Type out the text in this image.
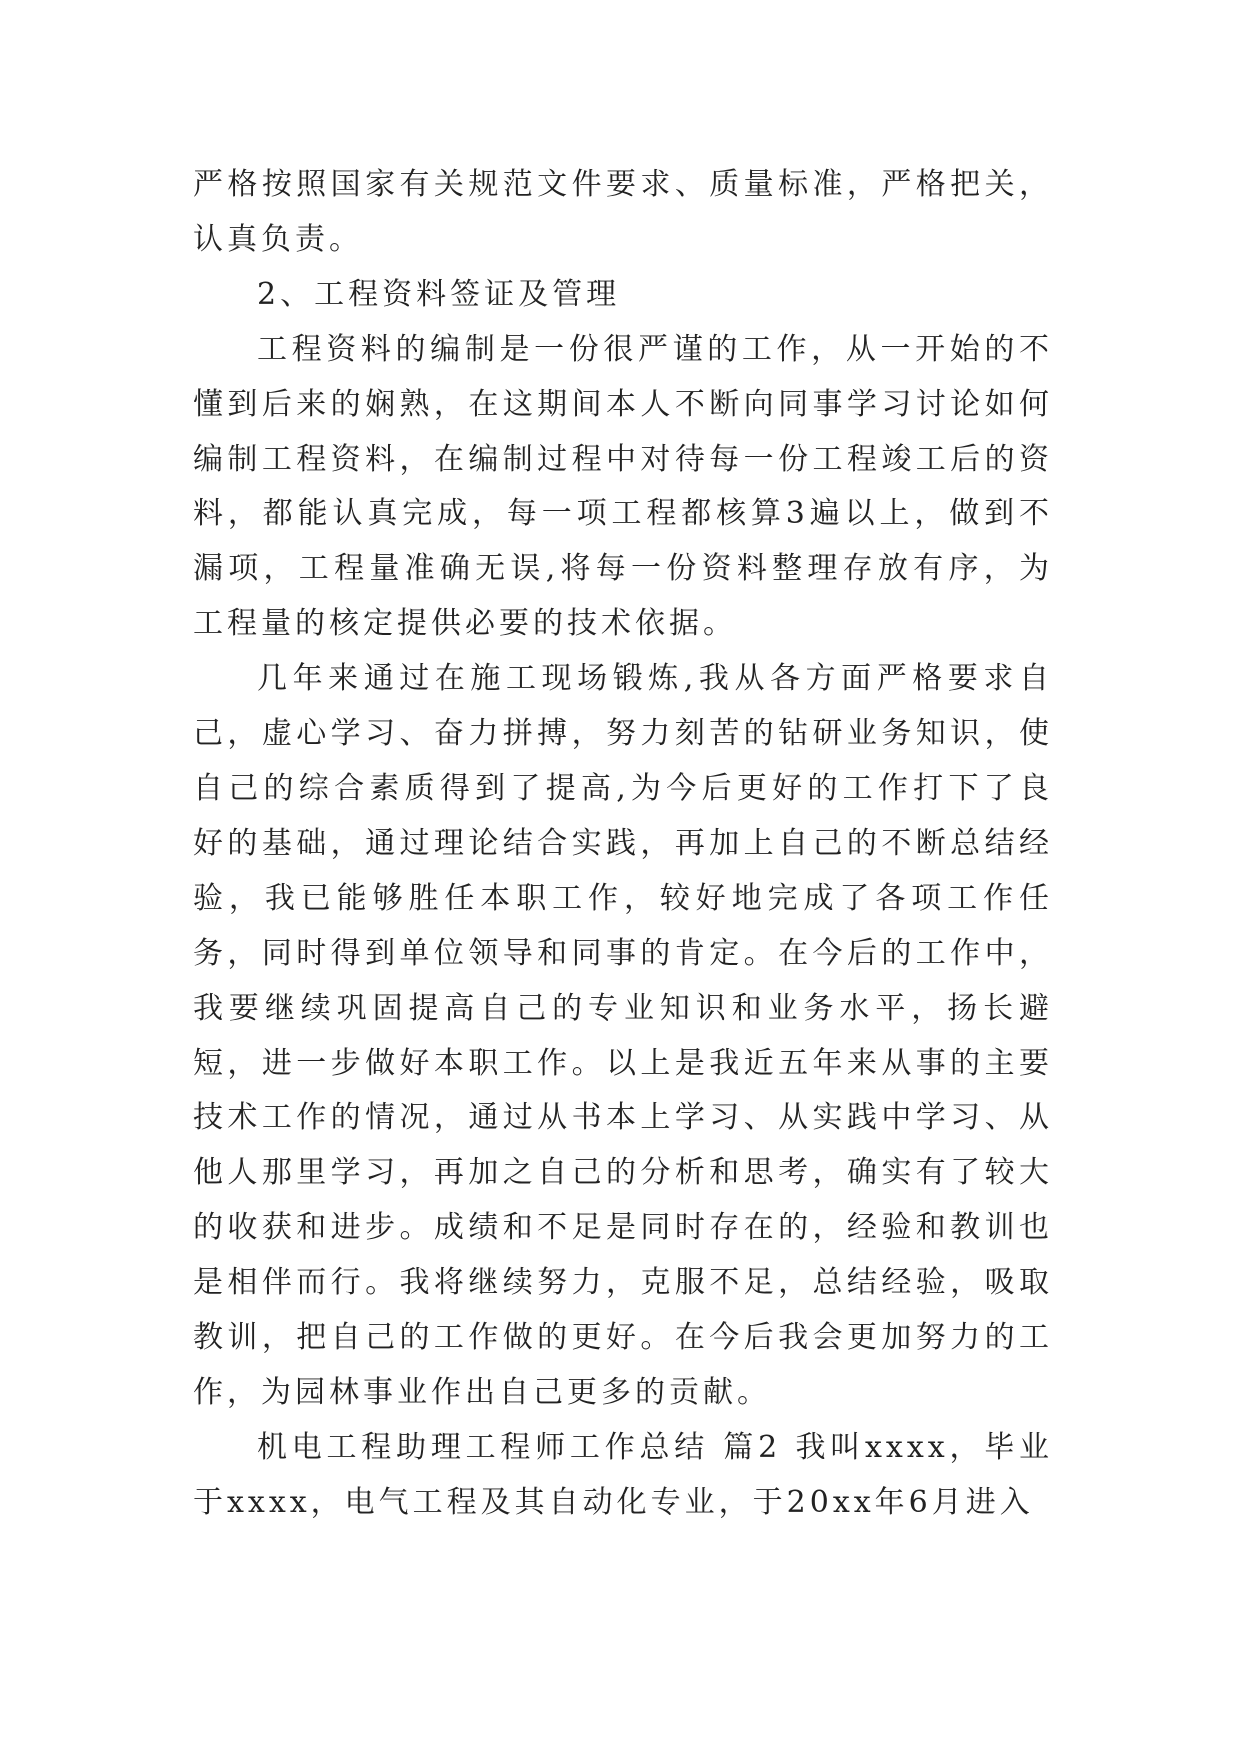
严格按照国家有关规范文件要求、质量标准，严格把关，认真负责。

2、工程资料签证及管理

工程资料的编制是一份很严谨的工作，从一开始的不懂到后来的娴熟，在这期间本人不断向同事学习讨论如何编制工程资料，在编制过程中对待每一份工程竣工后的资料，都能认真完成，每一项工程都核算3遍以上，做到不漏项，工程量准确无误,将每一份资料整理存放有序，为工程量的核定提供必要的技术依据。

几年来通过在施工现场锻炼,我从各方面严格要求自己，虚心学习、奋力拼搏，努力刻苦的钻研业务知识，使自己的综合素质得到了提高,为今后更好的工作打下了良好的基础，通过理论结合实践，再加上自己的不断总结经验，我已能够胜任本职工作，较好地完成了各项工作任务，同时得到单位领导和同事的肯定。在今后的工作中，我要继续巩固提高自己的专业知识和业务水平，扬长避短，进一步做好本职工作。以上是我近五年来从事的主要技术工作的情况，通过从书本上学习、从实践中学习、从他人那里学习，再加之自己的分析和思考，确实有了较大的收获和进步。成绩和不足是同时存在的，经验和教训也是相伴而行。我将继续努力，克服不足，总结经验，吸取教训，把自己的工作做的更好。在今后我会更加努力的工作，为园林事业作出自己更多的贡献。

机电工程助理工程师工作总结 篇2 我叫xxxx，毕业于xxxx，电气工程及其自动化专业，于20xx年6月进入
